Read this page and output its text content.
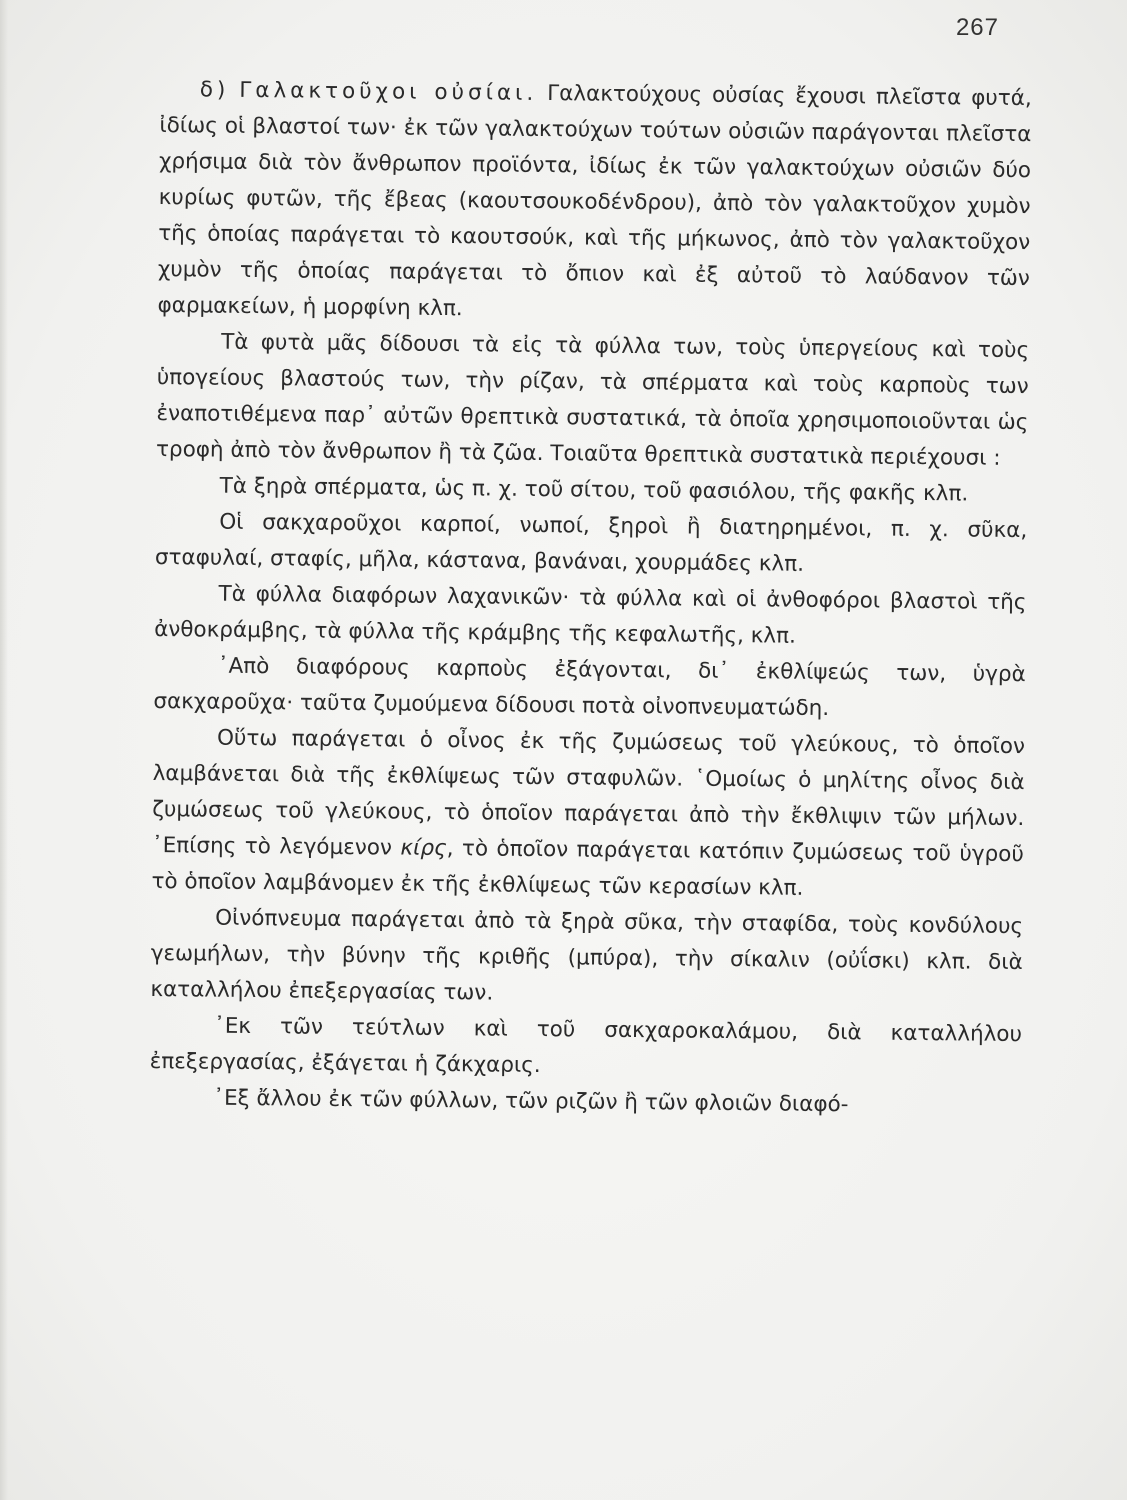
267

δ) Γαλακτοῦχοι οὐσίαι. Γαλακτούχους οὐσίας ἔχουσι πλεῖστα φυτά, ἰδίως οἱ βλαστοί των· ἐκ τῶν γαλακτούχων τούτων οὐσιῶν παράγονται πλεῖστα χρήσιμα διὰ τὸν ἄνθρωπον προϊόντα, ἰδίως ἐκ τῶν γαλακτούχων οὐσιῶν δύο κυρίως φυτῶν, τῆς ἔβεας (καουτσουκοδένδρου), ἀπὸ τὸν γαλακτοῦχον χυμὸν τῆς ὁποίας παράγεται τὸ καουτσούκ, καὶ τῆς μήκωνος, ἀπὸ τὸν γαλακτοῦχον χυμὸν τῆς ὁποίας παράγεται τὸ ὄπιον καὶ ἐξ αὐτοῦ τὸ λαύδανον τῶν φαρμακείων, ἡ μορφίνη κλπ.

Τὰ φυτὰ μᾶς δίδουσι τὰ εἰς τὰ φύλλα των, τοὺς ὑπεργείους καὶ τοὺς ὑπογείους βλαστούς των, τὴν ρίζαν, τὰ σπέρματα καὶ τοὺς καρποὺς των ἐναποτιθέμενα παρ᾽ αὐτῶν θρεπτικὰ συστατικά, τὰ ὁποῖα χρησιμοποιοῦνται ὡς τροφὴ ἀπὸ τὸν ἄνθρωπον ἢ τὰ ζῶα. Τοιαῦτα θρεπτικὰ συστατικὰ περιέχουσι :

Τὰ ξηρὰ σπέρματα, ὡς π. χ. τοῦ σίτου, τοῦ φασιόλου, τῆς φακῆς κλπ.

Οἱ σακχαροῦχοι καρποί, νωποί, ξηροὶ ἢ διατηρημένοι, π. χ. σῦκα, σταφυλαί, σταφίς, μῆλα, κάστανα, βανάναι, χουρμάδες κλπ.

Τὰ φύλλα διαφόρων λαχανικῶν· τὰ φύλλα καὶ οἱ ἀνθοφόροι βλαστοὶ τῆς ἀνθοκράμβης, τὰ φύλλα τῆς κράμβης τῆς κεφαλωτῆς, κλπ.

᾿Απὸ διαφόρους καρποὺς ἐξάγονται, δι᾽ ἐκθλίψεώς των, ὑγρὰ σακχαροῦχα· ταῦτα ζυμούμενα δίδουσι ποτὰ οἰνοπνευματώδη.

Οὕτω παράγεται ὁ οἶνος ἐκ τῆς ζυμώσεως τοῦ γλεύκους, τὸ ὁποῖον λαμβάνεται διὰ τῆς ἐκθλίψεως τῶν σταφυλῶν. ῾Ομοίως ὁ μηλίτης οἶνος διὰ ζυμώσεως τοῦ γλεύκους, τὸ ὁποῖον παράγεται ἀπὸ τὴν ἔκθλιψιν τῶν μήλων. ᾿Επίσης τὸ λεγόμενον κίρς, τὸ ὁποῖον παράγεται κατόπιν ζυμώσεως τοῦ ὑγροῦ τὸ ὁποῖον λαμβάνομεν ἐκ τῆς ἐκθλίψεως τῶν κερασίων κλπ.

Οἰνόπνευμα παράγεται ἀπὸ τὰ ξηρὰ σῦκα, τὴν σταφίδα, τοὺς κονδύλους γεωμήλων, τὴν βύνην τῆς κριθῆς (μπύρα), τὴν σίκαλιν (οὐΐσκι) κλπ. διὰ καταλλήλου ἐπεξεργασίας των.

᾿Εκ τῶν τεύτλων καὶ τοῦ σακχαροκαλάμου, διὰ καταλλήλου ἐπεξεργασίας, ἐξάγεται ἡ ζάκχαρις.

᾿Εξ ἄλλου ἐκ τῶν φύλλων, τῶν ριζῶν ἢ τῶν φλοιῶν διαφό-
